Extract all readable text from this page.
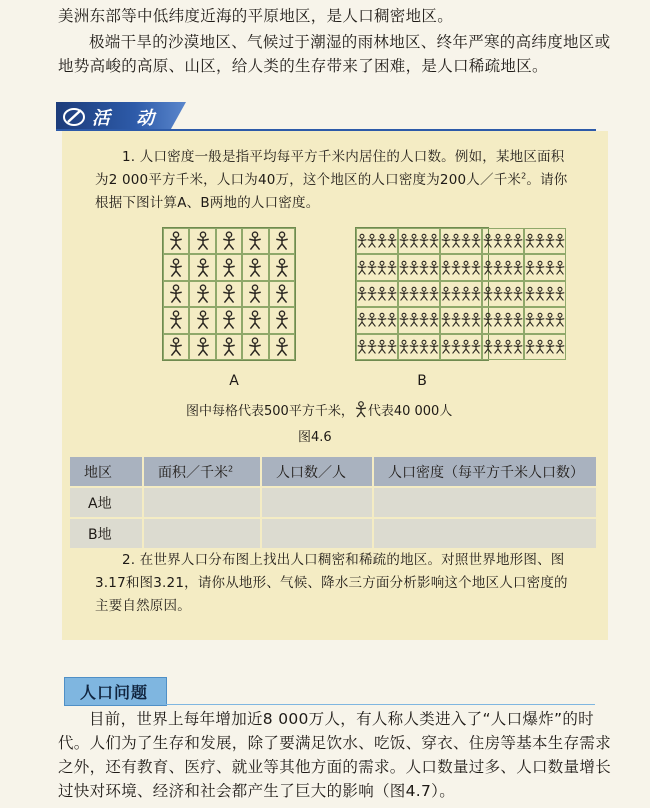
美洲东部等中低纬度近海的平原地区，是人口稠密地区。
极端干旱的沙漠地区、气候过于潮湿的雨林地区、终年严寒的高纬度地区或地势高峻的高原、山区，给人类的生存带来了困难，是人口稀疏地区。
活 动
1. 人口密度一般是指平均每平方千米内居住的人口数。例如，某地区面积为2 000平方千米，人口为40万，这个地区的人口密度为200人／千米$^2$。请你根据下图计算A、B两地的人口密度。
A	B
图中每格代表500平方千米， 代表40 000人
图4.6
地区	面积／千米$^2$	人口数／人	人口密度（每平方千米人口数）
A地			
B地			
2. 在世界人口分布图上找出人口稠密和稀疏的地区。对照世界地形图、图3.17和图3.21，请你从地形、气候、降水三方面分析影响这个地区人口密度的主要自然原因。
人口问题
目前，世界上每年增加近8 000万人，有人称人类进入了“人口爆炸”的时代。人们为了生存和发展，除了要满足饮水、吃饭、穿衣、住房等基本生存需求之外，还有教育、医疗、就业等其他方面的需求。人口数量过多、人口数量增长过快对环境、经济和社会都产生了巨大的影响（图4.7）。
